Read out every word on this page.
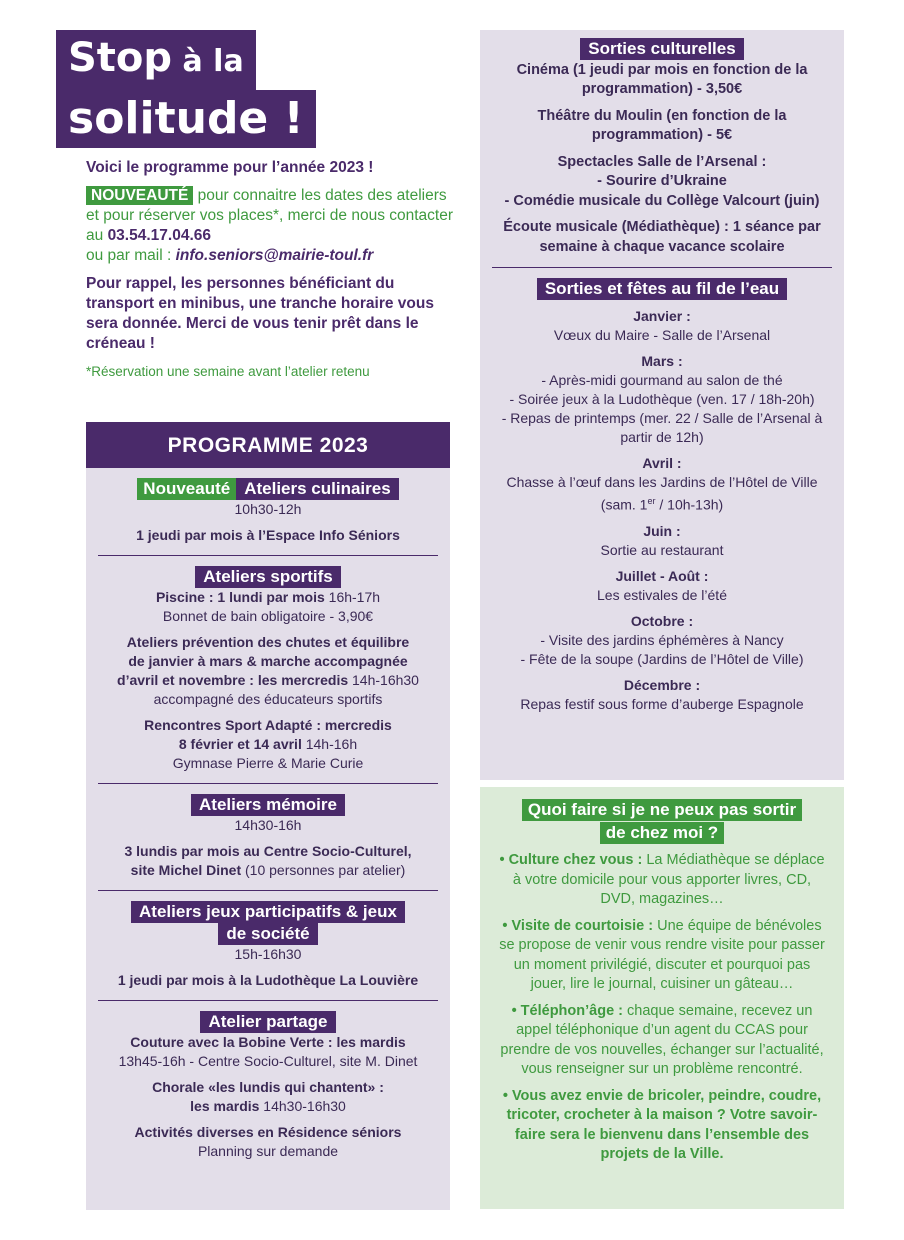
Stop à la
solitude !

Voici le programme pour l’année 2023 !

NOUVEAUTÉ pour connaitre les dates des ateliers et pour réserver vos places*, merci de nous contacter au 03.54.17.04.66
ou par mail : info.seniors@mairie-toul.fr

Pour rappel, les personnes bénéficiant du transport en minibus, une tranche horaire vous sera donnée. Merci de vous tenir prêt dans le créneau !

*Réservation une semaine avant l’atelier retenu

PROGRAMME 2023
Nouveauté Ateliers culinaires

10h30-12h

1 jeudi par mois à l’Espace Info Séniors

Ateliers sportifs

Piscine : 1 lundi par mois 16h-17h

Bonnet de bain obligatoire - 3,90€

Ateliers prévention des chutes et équilibre

de janvier à mars & marche accompagnée

d’avril et novembre : les mercredis 14h-16h30

accompagné des éducateurs sportifs

Rencontres Sport Adapté : mercredis

8 février et 14 avril 14h-16h

Gymnase Pierre & Marie Curie

Ateliers mémoire

14h30-16h

3 lundis par mois au Centre Socio-Culturel,

site Michel Dinet (10 personnes par atelier)

Ateliers jeux participatifs & jeux
de société

15h-16h30

1 jeudi par mois à la Ludothèque La Louvière

Atelier partage

Couture avec la Bobine Verte : les mardis

13h45-16h - Centre Socio-Culturel, site M. Dinet

Chorale «les lundis qui chantent» :

les mardis 14h30-16h30

Activités diverses en Résidence séniors

Planning sur demande

Sorties culturelles

Cinéma (1 jeudi par mois en fonction de la programmation) - 3,50€

Théâtre du Moulin (en fonction de la programmation) - 5€

Spectacles Salle de l’Arsenal :

- Sourire d’Ukraine

- Comédie musicale du Collège Valcourt (juin)

Écoute musicale (Médiathèque) : 1 séance par semaine à chaque vacance scolaire

Sorties et fêtes au fil de l’eau

Janvier :

Vœux du Maire - Salle de l’Arsenal

Mars :

- Après-midi gourmand au salon de thé

- Soirée jeux à la Ludothèque (ven. 17 / 18h-20h)

- Repas de printemps (mer. 22 / Salle de l’Arsenal à partir de 12h)

Avril :

Chasse à l’œuf dans les Jardins de l’Hôtel de Ville

(sam. 1er / 10h-13h)

Juin :

Sortie au restaurant

Juillet - Août :

Les estivales de l’été

Octobre :

- Visite des jardins éphémères à Nancy

- Fête de la soupe (Jardins de l’Hôtel de Ville)

Décembre :

Repas festif sous forme d’auberge Espagnole

Quoi faire si je ne peux pas sortir
de chez moi ?

• Culture chez vous : La Médiathèque se déplace à votre domicile pour vous apporter livres, CD, DVD, magazines…

• Visite de courtoisie : Une équipe de bénévoles se propose de venir vous rendre visite pour passer un moment privilégié, discuter et pourquoi pas jouer, lire le journal, cuisiner un gâteau…

• Téléphon’âge : chaque semaine, recevez un appel téléphonique d’un agent du CCAS pour prendre de vos nouvelles, échanger sur l’actualité, vous renseigner sur un problème rencontré.

• Vous avez envie de bricoler, peindre, coudre, tricoter, crocheter à la maison ? Votre savoir-faire sera le bienvenu dans l’ensemble des projets de la Ville.
